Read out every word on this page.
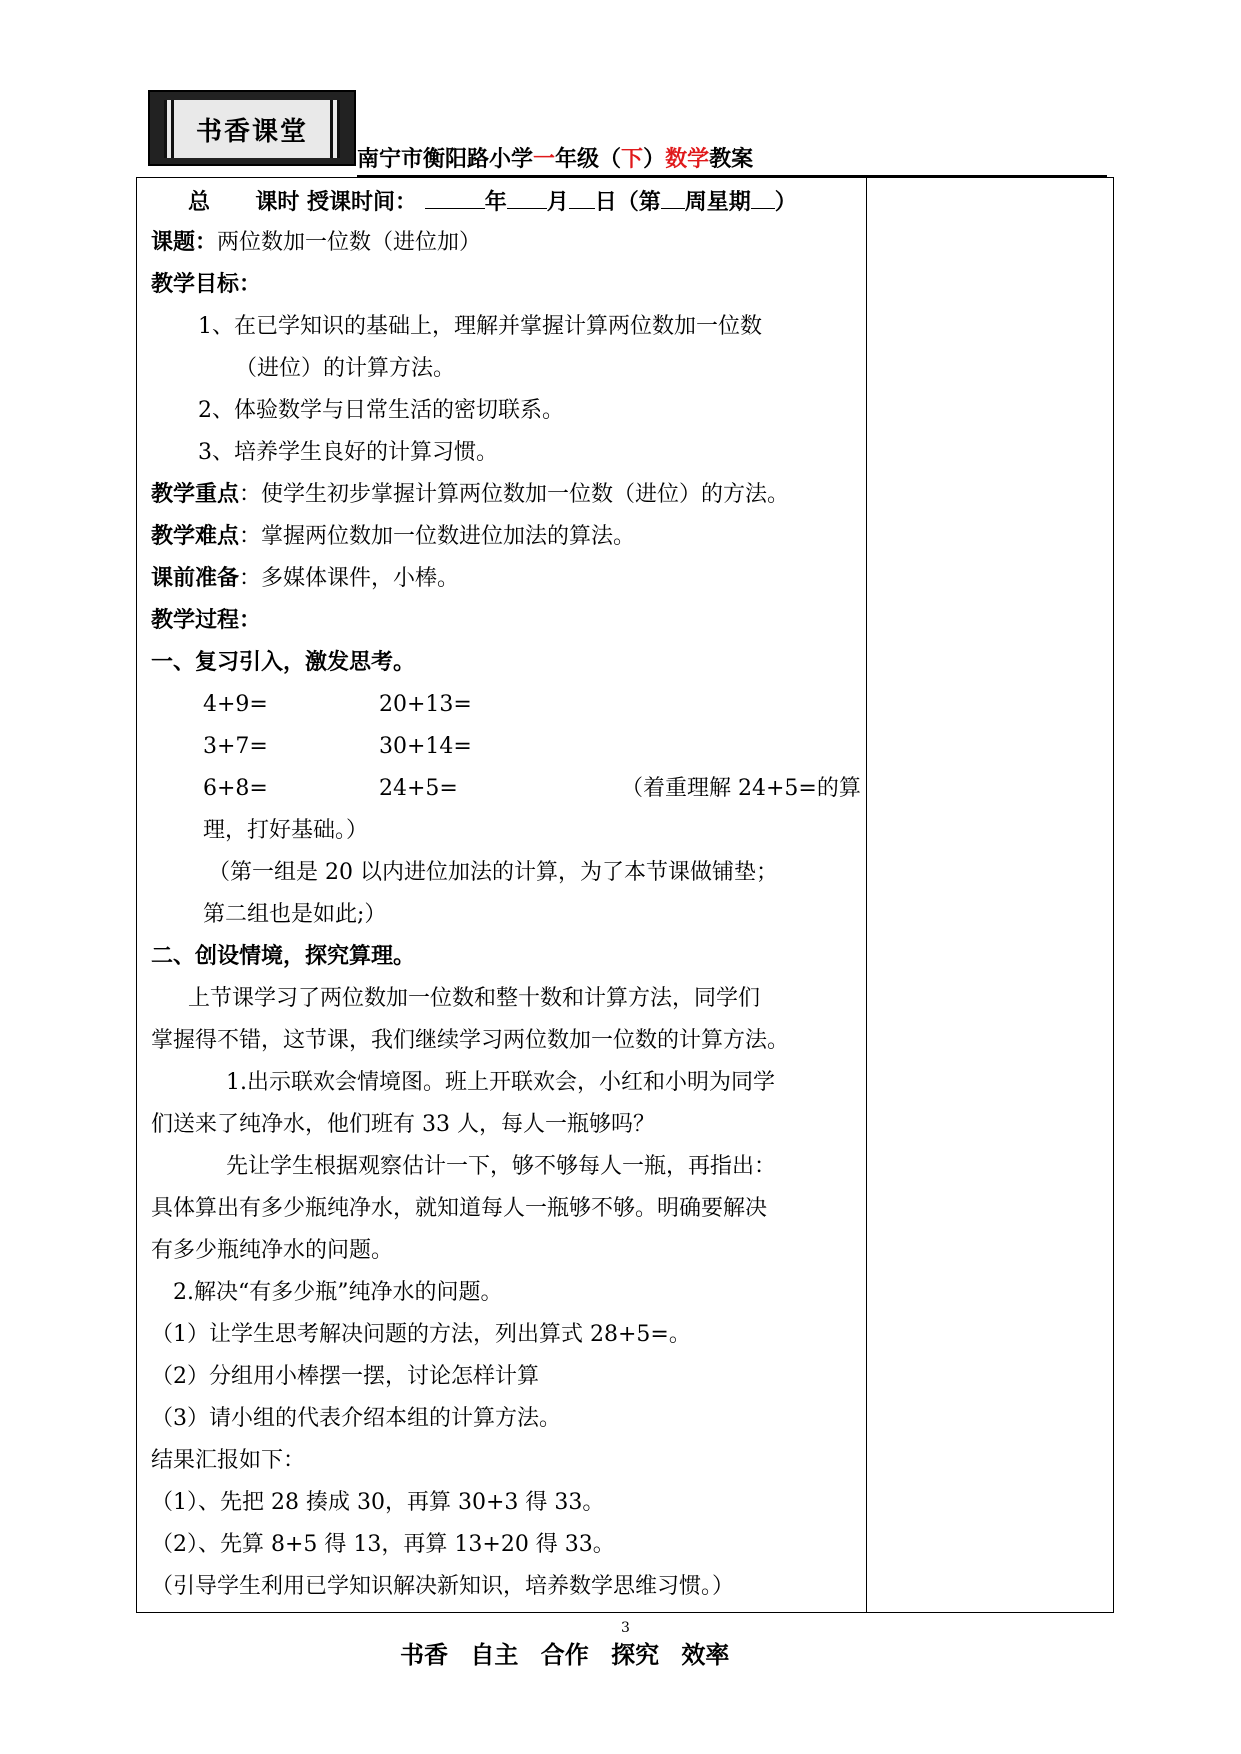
书香课堂
南宁市衡阳路小学一年级（下）数学教案
总 课时 授课时间：	年 月 日（第 周星期 ）
课题：两位数加一位数（进位加）
教学目标：
1、在已学知识的基础上，理解并掌握计算两位数加一位数
（进位）的计算方法。
2、体验数学与日常生活的密切联系。
3、培养学生良好的计算习惯。
教学重点：使学生初步掌握计算两位数加一位数（进位）的方法。
教学难点：掌握两位数加一位数进位加法的算法。
课前准备：多媒体课件，小棒。
教学过程：
一、复习引入，激发思考。
4+9=	20+13=
3+7=	30+14=
6+8=	24+5=	（着重理解 24+5=的算
理，打好基础。）
（第一组是 20 以内进位加法的计算，为了本节课做铺垫；
第二组也是如此;）
二、创设情境，探究算理。
上节课学习了两位数加一位数和整十数和计算方法，同学们
掌握得不错，这节课，我们继续学习两位数加一位数的计算方法。
1.出示联欢会情境图。班上开联欢会，小红和小明为同学
们送来了纯净水，他们班有 33 人，每人一瓶够吗？
先让学生根据观察估计一下，够不够每人一瓶，再指出：
具体算出有多少瓶纯净水，就知道每人一瓶够不够。明确要解决
有多少瓶纯净水的问题。
2.解决“有多少瓶”纯净水的问题。
（1）让学生思考解决问题的方法，列出算式 28+5=。
（2）分组用小棒摆一摆，讨论怎样计算
（3）请小组的代表介绍本组的计算方法。
结果汇报如下：
（1）、先把 28 揍成 30，再算 30+3 得 33。
（2）、先算 8+5 得 13，再算 13+20 得 33。
（引导学生利用已学知识解决新知识，培养数学思维习惯。）
3
书香 自主 合作 探究 效率
